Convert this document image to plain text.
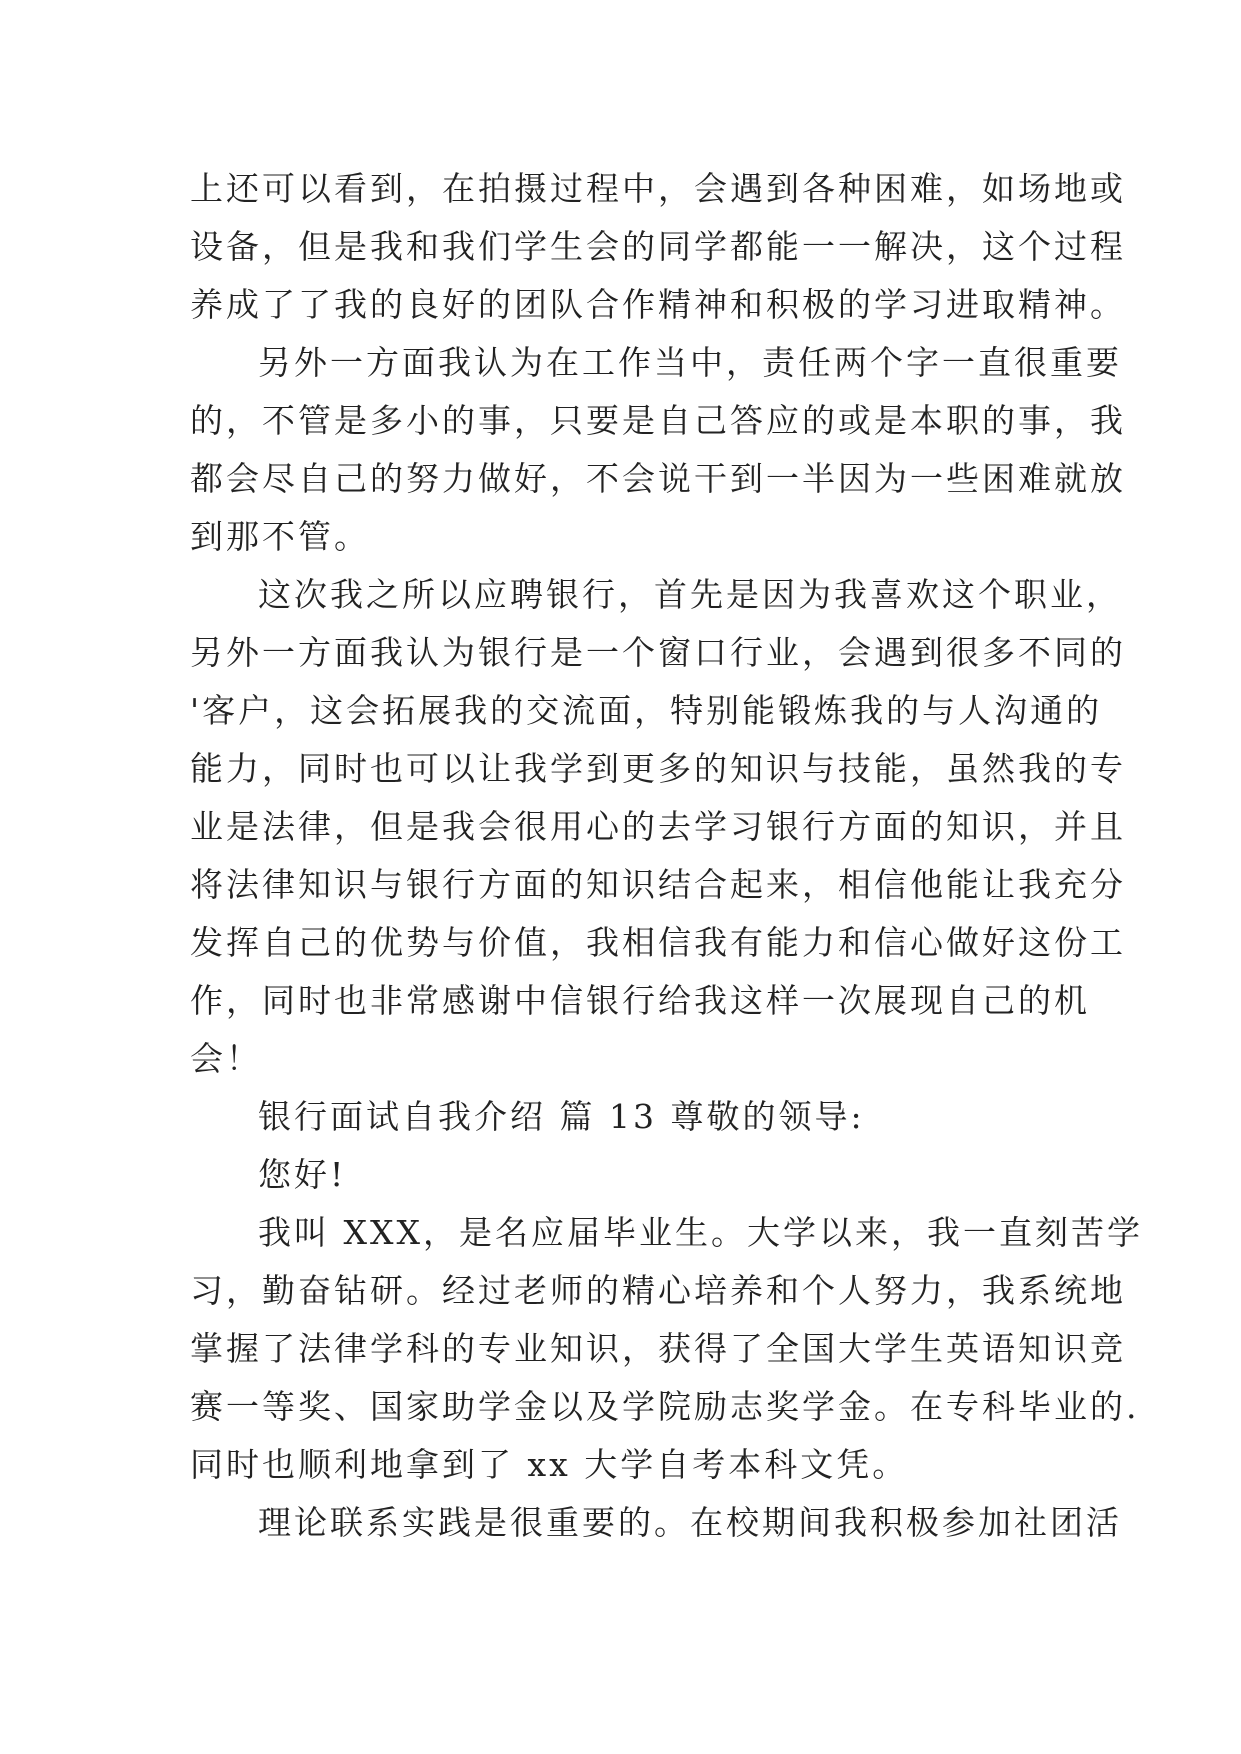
上还可以看到，在拍摄过程中，会遇到各种困难，如场地或
设备，但是我和我们学生会的同学都能一一解决，这个过程
养成了了我的良好的团队合作精神和积极的学习进取精神。
另外一方面我认为在工作当中，责任两个字一直很重要
的，不管是多小的事，只要是自己答应的或是本职的事，我
都会尽自己的努力做好，不会说干到一半因为一些困难就放
到那不管。
这次我之所以应聘银行，首先是因为我喜欢这个职业，
另外一方面我认为银行是一个窗口行业，会遇到很多不同的
'客户，这会拓展我的交流面，特别能锻炼我的与人沟通的
能力，同时也可以让我学到更多的知识与技能，虽然我的专
业是法律，但是我会很用心的去学习银行方面的知识，并且
将法律知识与银行方面的知识结合起来，相信他能让我充分
发挥自己的优势与价值，我相信我有能力和信心做好这份工
作，同时也非常感谢中信银行给我这样一次展现自己的机
会！
银行面试自我介绍 篇 13 尊敬的领导:
您好!
我叫 XXX，是名应届毕业生。大学以来，我一直刻苦学
习，勤奋钻研。经过老师的精心培养和个人努力，我系统地
掌握了法律学科的专业知识，获得了全国大学生英语知识竞
赛一等奖、国家助学金以及学院励志奖学金。在专科毕业的.
同时也顺利地拿到了 xx 大学自考本科文凭。
理论联系实践是很重要的。在校期间我积极参加社团活
